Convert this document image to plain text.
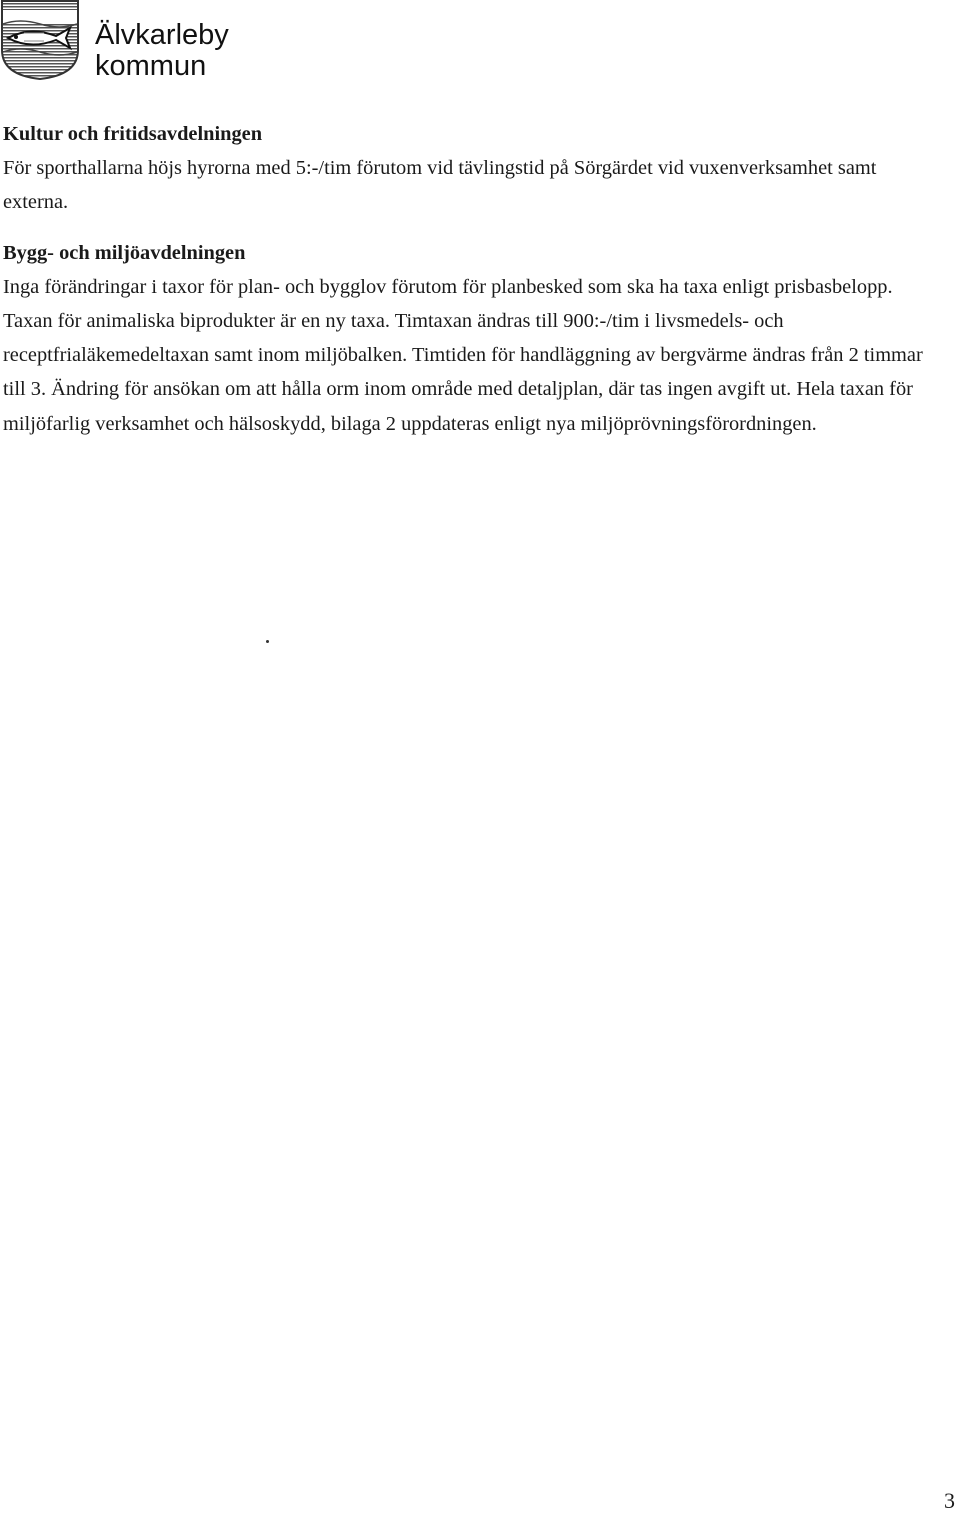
Älvkarleby
kommun

Kultur och fritidsavdelningen

För sporthallarna höjs hyrorna med 5:-/tim förutom vid tävlingstid på Sörgärdet vid vuxenverksamhet samt externa.

Bygg- och miljöavdelningen

Inga förändringar i taxor för plan- och bygglov förutom för planbesked som ska ha taxa enligt prisbasbelopp. Taxan för animaliska biprodukter är en ny taxa. Timtaxan ändras till 900:-/tim i livsmedels- och receptfrialäkemedeltaxan samt inom miljöbalken. Timtiden för handläggning av bergvärme ändras från 2 timmar till 3. Ändring för ansökan om att hålla orm inom område med detaljplan, där tas ingen avgift ut. Hela taxan för miljöfarlig verksamhet och hälsoskydd, bilaga 2 uppdateras enligt nya miljöprövningsförordningen.

3
